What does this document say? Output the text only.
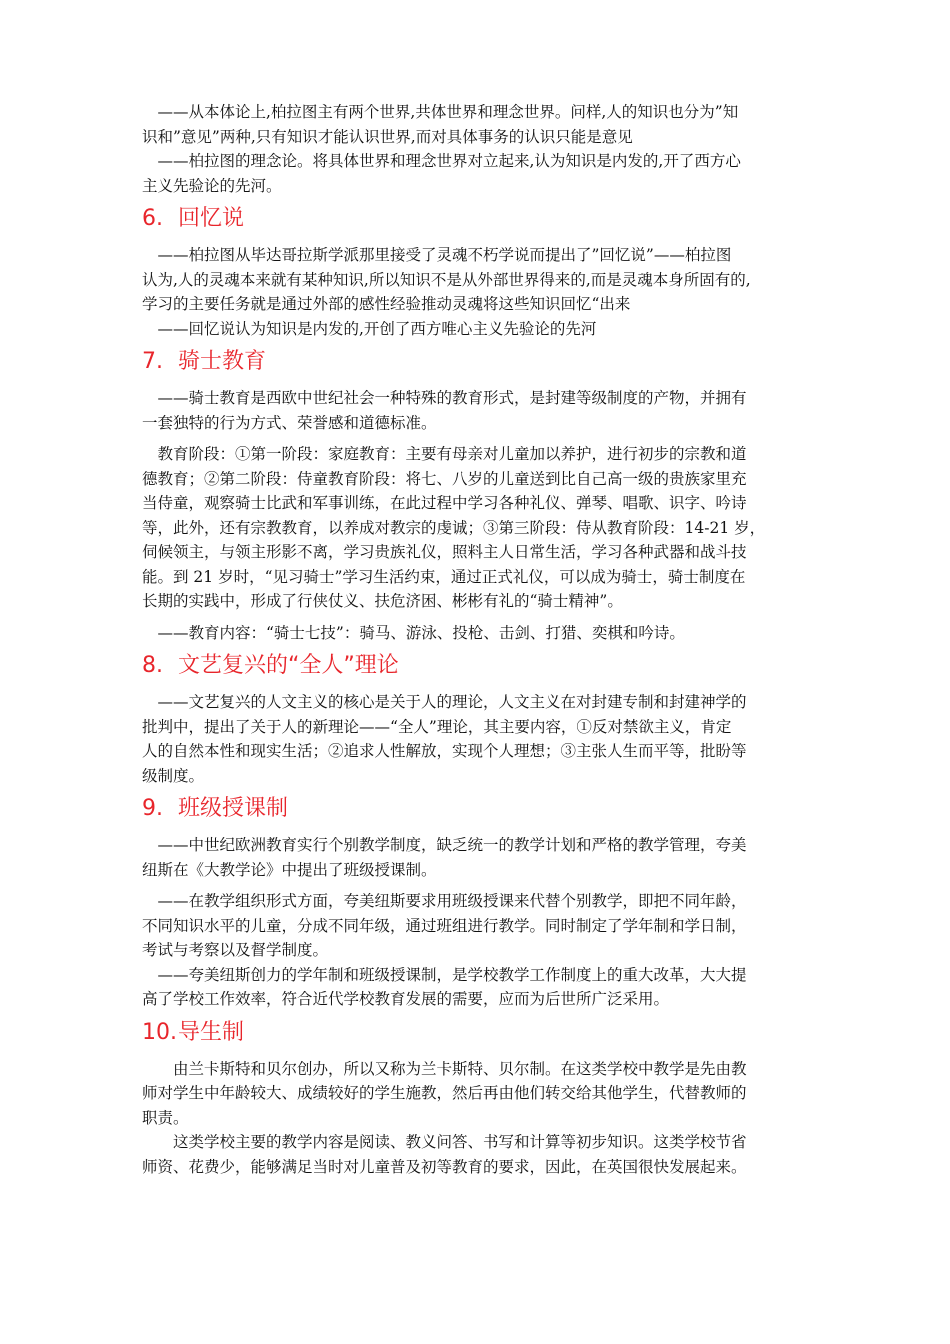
　——从本体论上,柏拉图主有两个世界,共体世界和理念世界。问样,人的知识也分为”知
识和”意见”两种,只有知识才能认识世界,而对具体事务的认识只能是意见

　——柏拉图的理念论。将具体世界和理念世界对立起来,认为知识是内发的,开了西方心
主义先验论的先河。

6. 回忆说

　——柏拉图从毕达哥拉斯学派那里接受了灵魂不朽学说而提出了”回忆说”——柏拉图
认为,人的灵魂本来就有某种知识,所以知识不是从外部世界得来的,而是灵魂本身所固有的,
学习的主要任务就是通过外部的感性经验推动灵魂将这些知识回忆“出来

　——回忆说认为知识是内发的,开创了西方唯心主义先验论的先河

7. 骑士教育

　——骑士教育是西欧中世纪社会一种特殊的教育形式，是封建等级制度的产物，并拥有
一套独特的行为方式、荣誉感和道德标准。

　教育阶段：①第一阶段：家庭教育：主要有母亲对儿童加以养护，进行初步的宗教和道
德教育；②第二阶段：侍童教育阶段：将七、八岁的儿童送到比自己高一级的贵族家里充
当侍童，观察骑士比武和军事训练，在此过程中学习各种礼仪、弹琴、唱歌、识字、吟诗
等，此外，还有宗教教育，以养成对教宗的虔诚；③第三阶段：侍从教育阶段：14-21 岁，
伺候领主，与领主形影不离，学习贵族礼仪，照料主人日常生活，学习各种武器和战斗技
能。到 21 岁时，“见习骑士”学习生活约束，通过正式礼仪，可以成为骑士，骑士制度在
长期的实践中，形成了行侠仗义、扶危济困、彬彬有礼的“骑士精神”。

　——教育内容：“骑士七技”：骑马、游泳、投枪、击剑、打猎、奕棋和吟诗。

8. 文艺复兴的“全人”理论

　——文艺复兴的人文主义的核心是关于人的理论，人文主义在对封建专制和封建神学的
批判中，提出了关于人的新理论——“全人”理论，其主要内容，①反对禁欲主义，肯定
人的自然本性和现实生活；②追求人性解放，实现个人理想；③主张人生而平等，批盼等
级制度。

9. 班级授课制

　——中世纪欧洲教育实行个别教学制度，缺乏统一的教学计划和严格的教学管理，夸美
纽斯在《大教学论》中提出了班级授课制。

　——在教学组织形式方面，夸美纽斯要求用班级授课来代替个别教学，即把不同年龄，
不同知识水平的儿童，分成不同年级，通过班组进行教学。同时制定了学年制和学日制，
考试与考察以及督学制度。
　——夸美纽斯创力的学年制和班级授课制，是学校教学工作制度上的重大改革，大大提
高了学校工作效率，符合近代学校教育发展的需要，应而为后世所广泛采用。

10.导生制

　　由兰卡斯特和贝尔创办，所以又称为兰卡斯特、贝尔制。在这类学校中教学是先由教
师对学生中年龄较大、成绩较好的学生施教，然后再由他们转交给其他学生，代替教师的
职责。
　　这类学校主要的教学内容是阅读、教义问答、书写和计算等初步知识。这类学校节省
师资、花费少，能够满足当时对儿童普及初等教育的要求，因此，在英国很快发展起来。
